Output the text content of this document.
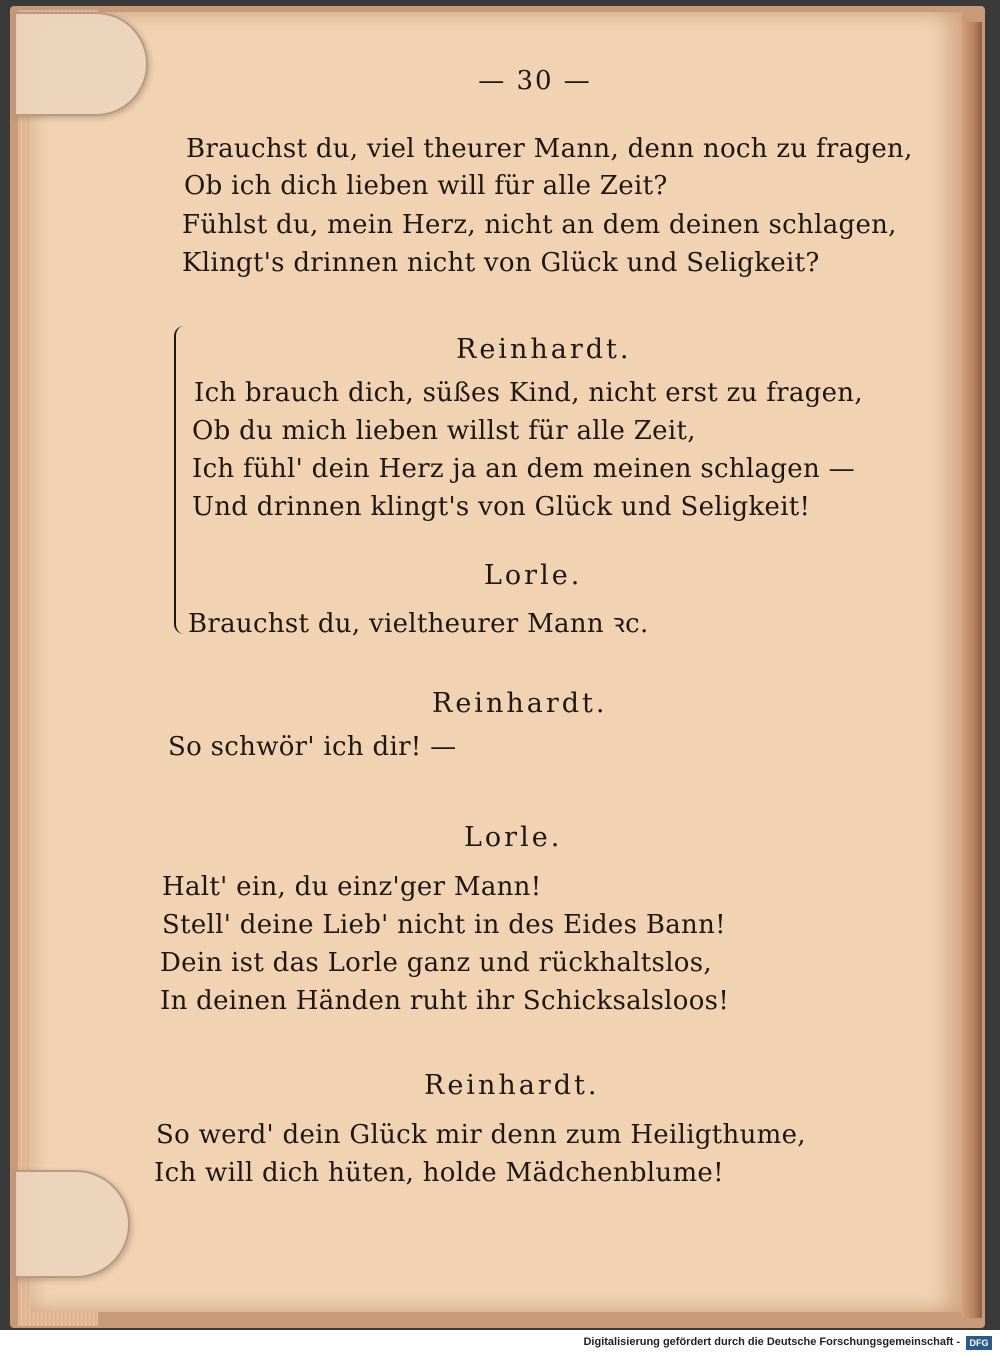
— 30 —
Brauchst du, viel theurer Mann, denn noch zu fragen,
Ob ich dich lieben will für alle Zeit?
Fühlst du, mein Herz, nicht an dem deinen schlagen,
Klingt's drinnen nicht von Glück und Seligkeit?
Reinhardt.
Ich brauch dich, süßes Kind, nicht erst zu fragen,
Ob du mich lieben willst für alle Zeit,
Ich fühl' dein Herz ja an dem meinen schlagen —
Und drinnen klingt's von Glück und Seligkeit!
Lorle.
Brauchst du, vieltheurer Mann ꝛc.
Reinhardt.
So schwör' ich dir! —
Lorle.
Halt' ein, du einz'ger Mann!
Stell' deine Lieb' nicht in des Eides Bann!
Dein ist das Lorle ganz und rückhaltslos,
In deinen Händen ruht ihr Schicksalsloos!
Reinhardt.
So werd' dein Glück mir denn zum Heiligthume,
Ich will dich hüten, holde Mädchenblume!
Digitalisierung gefördert durch die Deutsche Forschungsgemeinschaft -	DFG
